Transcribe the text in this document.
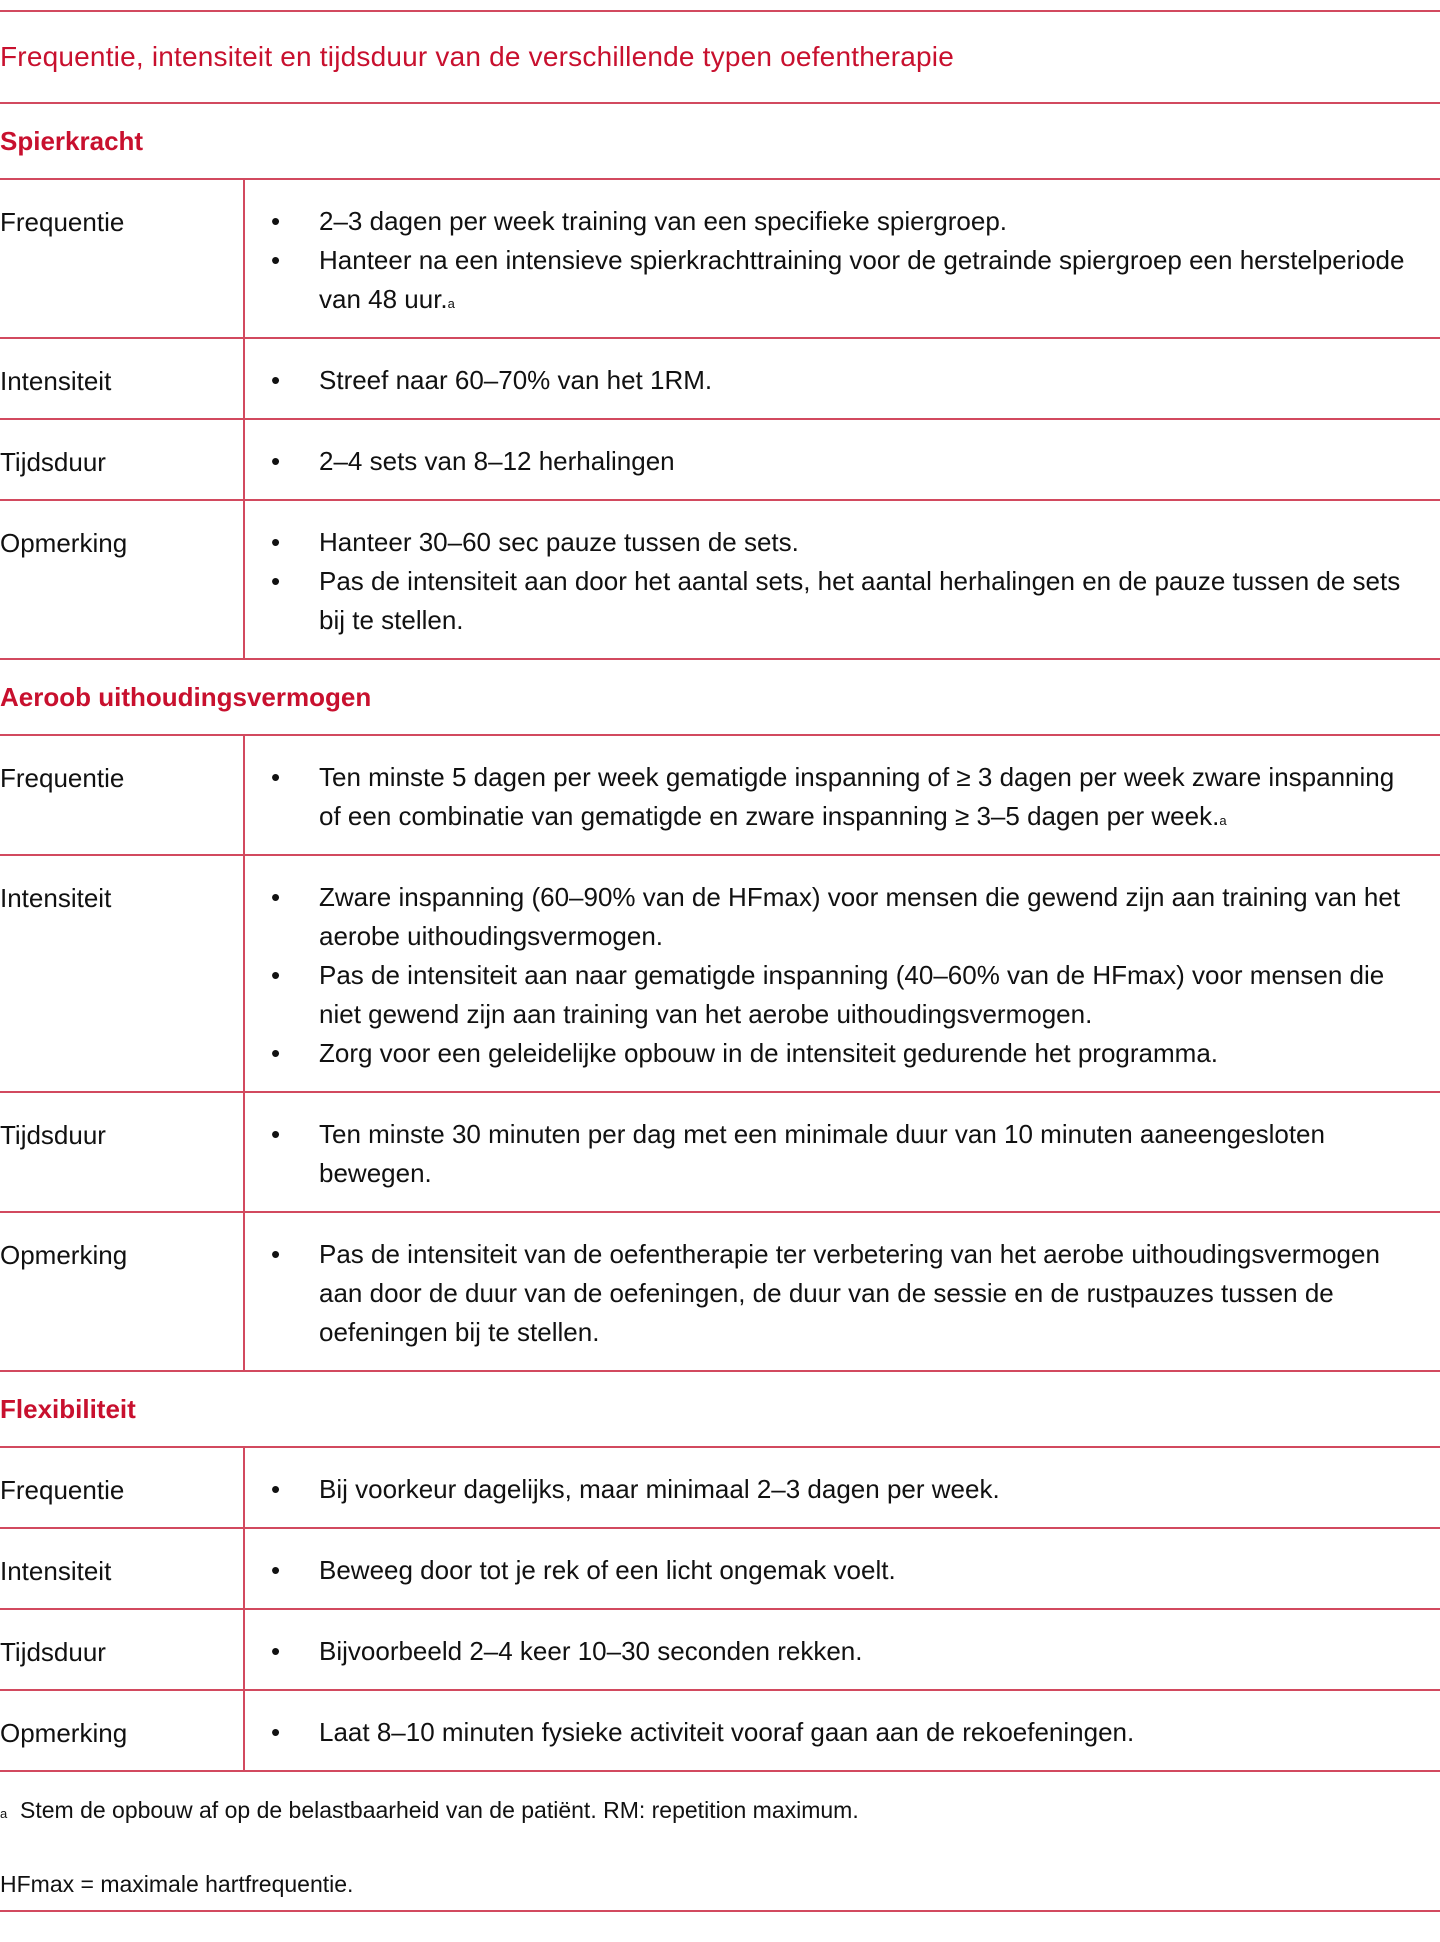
Frequentie, intensiteit en tijdsduur van de verschillende typen oefentherapie
Spierkracht
Frequentie	•	2–3 dagen per week training van een specifieke spiergroep.
•	Hanteer na een intensieve spierkrachttraining voor de getrainde spiergroep een herstelperiode van 48 uur.$^a$
Intensiteit	•	Streef naar 60–70% van het 1RM.
Tijdsduur	•	2–4 sets van 8–12 herhalingen
Opmerking	•	Hanteer 30–60 sec pauze tussen de sets.
•	Pas de intensiteit aan door het aantal sets, het aantal herhalingen en de pauze tussen de sets bij te stellen.
Aeroob uithoudingsvermogen
Frequentie	•	Ten minste 5 dagen per week gematigde inspanning of ≥ 3 dagen per week zware inspanning of een combinatie van gematigde en zware inspanning ≥ 3–5 dagen per week.$^a$
Intensiteit	•	Zware inspanning (60–90% van de HFmax) voor mensen die gewend zijn aan training van het aerobe uithoudingsvermogen.
•	Pas de intensiteit aan naar gematigde inspanning (40–60% van de HFmax) voor mensen die niet gewend zijn aan training van het aerobe uithoudingsvermogen.
•	Zorg voor een geleidelijke opbouw in de intensiteit gedurende het programma.
Tijdsduur	•	Ten minste 30 minuten per dag met een minimale duur van 10 minuten aaneengesloten bewegen.
Opmerking	•	Pas de intensiteit van de oefentherapie ter verbetering van het aerobe uithoudingsvermogen aan door de duur van de oefeningen, de duur van de sessie en de rustpauzes tussen de oefeningen bij te stellen.
Flexibiliteit
Frequentie	•	Bij voorkeur dagelijks, maar minimaal 2–3 dagen per week.
Intensiteit	•	Beweeg door tot je rek of een licht ongemak voelt.
Tijdsduur	•	Bijvoorbeeld 2–4 keer 10–30 seconden rekken.
Opmerking	•	Laat 8–10 minuten fysieke activiteit vooraf gaan aan de rekoefeningen.

$^a$ Stem de opbouw af op de belastbaarheid van de patiënt. RM: repetition maximum.

HFmax = maximale hartfrequentie.
